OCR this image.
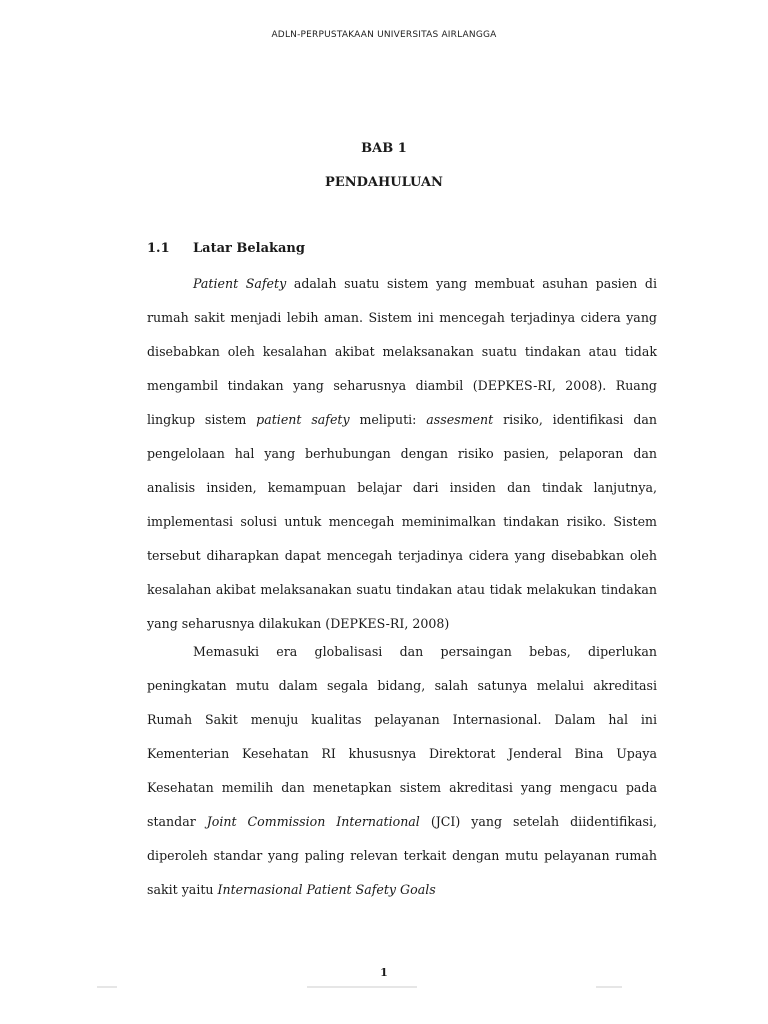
ADLN-PERPUSTAKAAN UNIVERSITAS AIRLANGGA
BAB 1
PENDAHULUAN
1.1 Latar Belakang

Patient Safety adalah suatu sistem yang membuat asuhan pasien di rumah sakit menjadi lebih aman. Sistem ini mencegah terjadinya cidera yang disebabkan oleh kesalahan akibat melaksanakan suatu tindakan atau tidak mengambil tindakan yang seharusnya diambil (DEPKES-RI, 2008). Ruang lingkup sistem patient safety meliputi: assesment risiko, identifikasi dan pengelolaan hal yang berhubungan dengan risiko pasien, pelaporan dan analisis insiden, kemampuan belajar dari insiden dan tindak lanjutnya, implementasi solusi untuk mencegah meminimalkan tindakan risiko. Sistem tersebut diharapkan dapat mencegah terjadinya cidera yang disebabkan oleh kesalahan akibat melaksanakan suatu tindakan atau tidak melakukan tindakan yang seharusnya dilakukan (DEPKES-RI, 2008)

Memasuki era globalisasi dan persaingan bebas, diperlukan peningkatan mutu dalam segala bidang, salah satunya melalui akreditasi Rumah Sakit menuju kualitas pelayanan Internasional. Dalam hal ini Kementerian Kesehatan RI khususnya Direktorat Jenderal Bina Upaya Kesehatan memilih dan menetapkan sistem akreditasi yang mengacu pada standar Joint Commission International (JCI) yang setelah diidentifikasi, diperoleh standar yang paling relevan terkait dengan mutu pelayanan rumah sakit yaitu Internasional Patient Safety Goals

1
